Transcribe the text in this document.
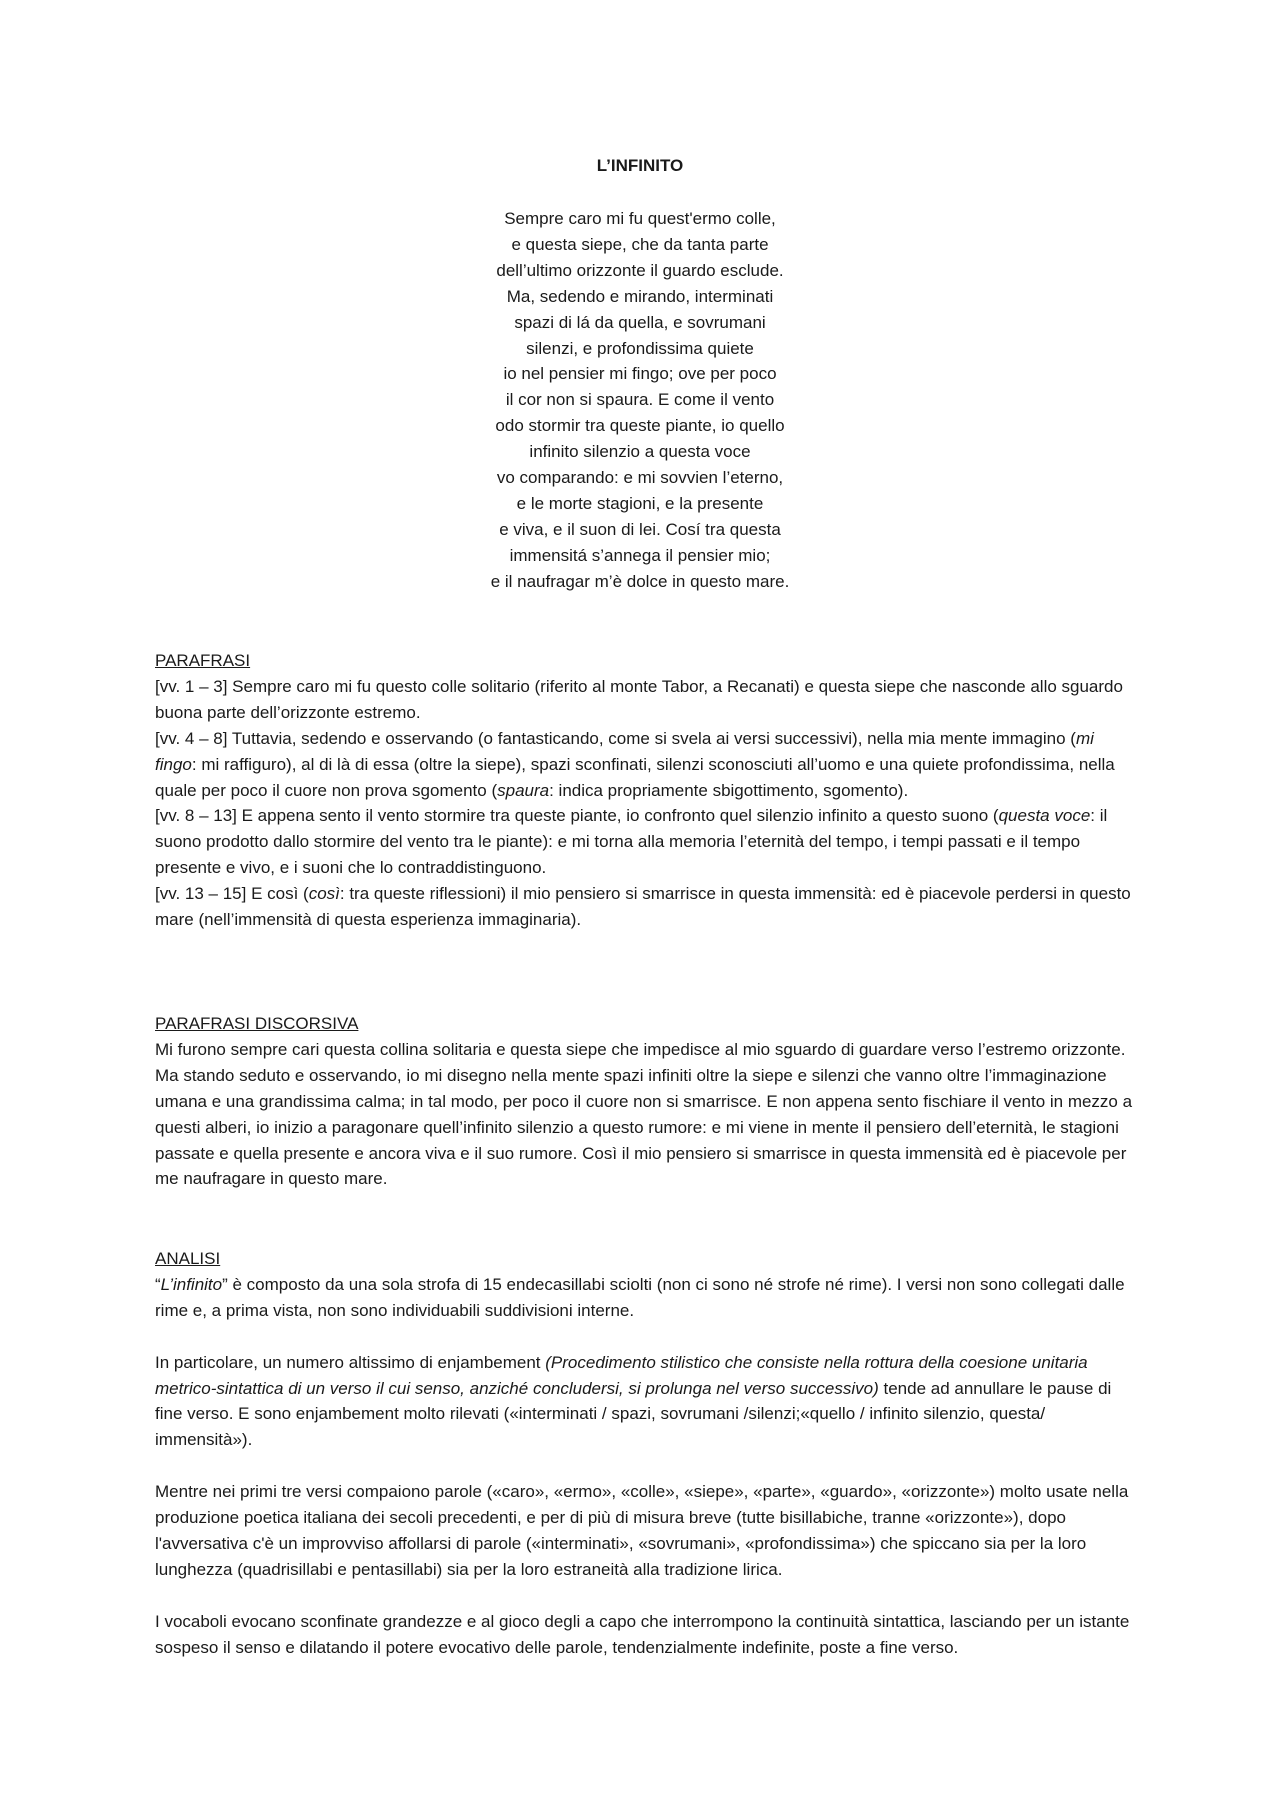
L’INFINITO
Sempre caro mi fu quest'ermo colle,
e questa siepe, che da tanta parte
dell’ultimo orizzonte il guardo esclude.
Ma, sedendo e mirando, interminati
spazi di lá da quella, e sovrumani
silenzi, e profondissima quiete
io nel pensier mi fingo; ove per poco
il cor non si spaura. E come il vento
odo stormir tra queste piante, io quello
infinito silenzio a questa voce
vo comparando: e mi sovvien l’eterno,
e le morte stagioni, e la presente
e viva, e il suon di lei. Cosí tra questa
immensitá s’annega il pensier mio;
e il naufragar m’è dolce in questo mare.
PARAFRASI

[vv. 1 – 3] Sempre caro mi fu questo colle solitario (riferito al monte Tabor, a Recanati) e questa siepe che nasconde allo sguardo buona parte dell’orizzonte estremo.

[vv. 4 – 8] Tuttavia, sedendo e osservando (o fantasticando, come si svela ai versi successivi), nella mia mente immagino (mi fingo: mi raffiguro), al di là di essa (oltre la siepe), spazi sconfinati, silenzi sconosciuti all’uomo e una quiete profondissima, nella quale per poco il cuore non prova sgomento (spaura: indica propriamente sbigottimento, sgomento).

[vv. 8 – 13] E appena sento il vento stormire tra queste piante, io confronto quel silenzio infinito a questo suono (questa voce: il suono prodotto dallo stormire del vento tra le piante): e mi torna alla memoria l’eternità del tempo, i tempi passati e il tempo presente e vivo, e i suoni che lo contraddistinguono.

[vv. 13 – 15] E così (così: tra queste riflessioni) il mio pensiero si smarrisce in questa immensità: ed è piacevole perdersi in questo mare (nell’immensità di questa esperienza immaginaria).

PARAFRASI DISCORSIVA

Mi furono sempre cari questa collina solitaria e questa siepe che impedisce al mio sguardo di guardare verso l’estremo orizzonte. Ma stando seduto e osservando, io mi disegno nella mente spazi infiniti oltre la siepe e silenzi che vanno oltre l’immaginazione umana e una grandissima calma; in tal modo, per poco il cuore non si smarrisce. E non appena sento fischiare il vento in mezzo a questi alberi, io inizio a paragonare quell’infinito silenzio a questo rumore: e mi viene in mente il pensiero dell’eternità, le stagioni passate e quella presente e ancora viva e il suo rumore. Così il mio pensiero si smarrisce in questa immensità ed è piacevole per me naufragare in questo mare.

ANALISI

“L’infinito” è composto da una sola strofa di 15 endecasillabi sciolti (non ci sono né strofe né rime). I versi non sono collegati dalle rime e, a prima vista, non sono individuabili suddivisioni interne.

In particolare, un numero altissimo di enjambement (Procedimento stilistico che consiste nella rottura della coesione unitaria metrico-sintattica di un verso il cui senso, anziché concludersi, si prolunga nel verso successivo) tende ad annullare le pause di fine verso. E sono enjambement molto rilevati («interminati / spazi, sovrumani /silenzi;«quello / infinito silenzio, questa/ immensità»).

Mentre nei primi tre versi compaiono parole («caro», «ermo», «colle», «siepe», «parte», «guardo», «orizzonte») molto usate nella produzione poetica italiana dei secoli precedenti, e per di più di misura breve (tutte bisillabiche, tranne «orizzonte»), dopo l'avversativa c'è un improvviso affollarsi di parole («interminati», «sovrumani», «profondissima») che spiccano sia per la loro lunghezza (quadrisillabi e pentasillabi) sia per la loro estraneità alla tradizione lirica.

I vocaboli evocano sconfinate grandezze e al gioco degli a capo che interrompono la continuità sintattica, lasciando per un istante sospeso il senso e dilatando il potere evocativo delle parole, tendenzialmente indefinite, poste a fine verso.
